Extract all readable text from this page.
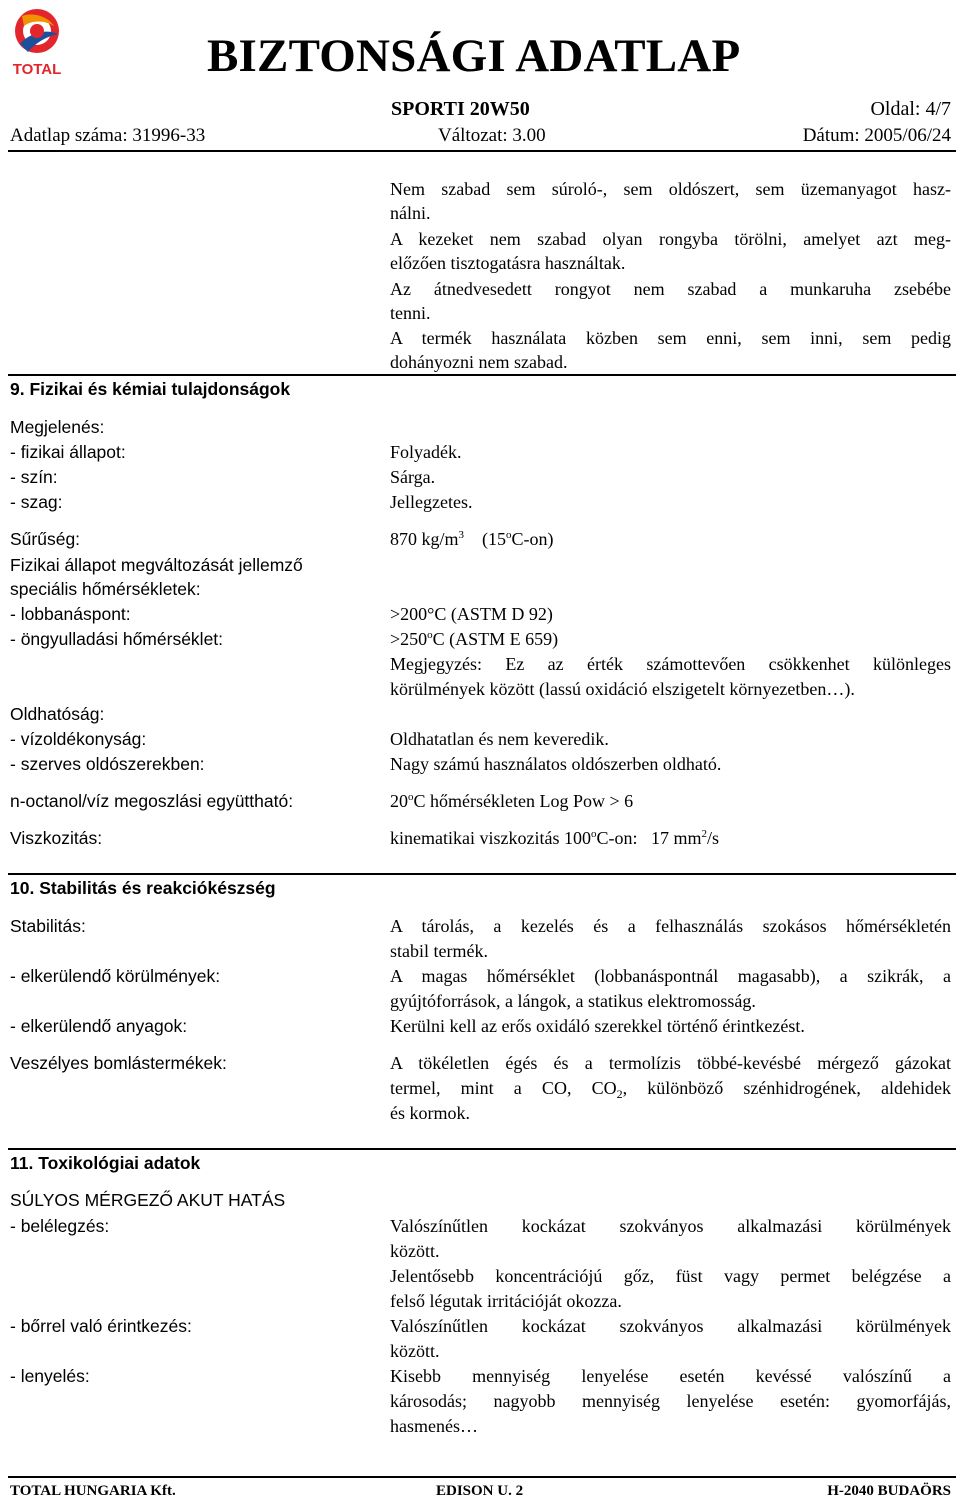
TOTAL	BIZTONSÁGI ADATLAP
SPORTI 20W50	Oldal: 4/7
Adatlap száma: 31996-33	Változat: 3.00	Dátum: 2005/06/24
Nem szabad sem súroló-, sem oldószert, sem üzemanyagot hasz-
nálni.
A kezeket nem szabad olyan rongyba törölni, amelyet azt meg-
előzően tisztogatásra használtak.
Az átnedvesedett rongyot nem szabad a munkaruha zsebébe
tenni.
A termék használata közben sem enni, sem inni, sem pedig
dohányozni nem szabad.
9. Fizikai és kémiai tulajdonságok
Megjelenés:
- fizikai állapot:	Folyadék.
- szín:	Sárga.
- szag:	Jellegzetes.
Sűrűség:	870 $kg/m^3$ (15$^o$C-on)
Fizikai állapot megváltozását jellemző
speciális hőmérsékletek:
- lobbanáspont:	>200°C (ASTM D 92)
- öngyulladási hőmérséklet:	$>250^oC$ (ASTM E 659)
Megjegyzés: Ez az érték számottevően csökkenhet különleges
körülmények között (lassú oxidáció elszigetelt környezetben…).
Oldhatóság:
- vízoldékonyság:	Oldhatatlan és nem keveredik.
- szerves oldószerekben:	Nagy számú használatos oldószerben oldható.
n-octanol/víz megoszlási együttható:	20$^o$C hőmérsékleten Log Pow > 6
Viszkozitás:	kinematikai viszkozitás 100$^o$C-on: 17 $mm^2/s$
10. Stabilitás és reakciókészség
Stabilitás:	A tárolás, a kezelés és a felhasználás szokásos hőmérsékletén
stabil termék.
- elkerülendő körülmények:	A magas hőmérséklet (lobbanáspontnál magasabb), a szikrák, a
gyújtóforrások, a lángok, a statikus elektromosság.
- elkerülendő anyagok:	Kerülni kell az erős oxidáló szerekkel történő érintkezést.
Veszélyes bomlástermékek:	A tökéletlen égés és a termolízis többé-kevésbé mérgező gázokat
termel, mint a CO, $CO_2$, különböző szénhidrogének, aldehidek
és kormok.
11. Toxikológiai adatok
SÚLYOS MÉRGEZŐ AKUT HATÁS
- belélegzés:	Valószínűtlen kockázat szokványos alkalmazási körülmények
között.
Jelentősebb koncentrációjú gőz, füst vagy permet belégzése a
felső légutak irritációját okozza.
- bőrrel való érintkezés:	Valószínűtlen kockázat szokványos alkalmazási körülmények
között.
- lenyelés:	Kisebb mennyiség lenyelése esetén kevéssé valószínű a
károsodás; nagyobb mennyiség lenyelése esetén: gyomorfájás,
hasmenés…
TOTAL HUNGARIA Kft.	EDISON U. 2	H-2040 BUDAÖRS
